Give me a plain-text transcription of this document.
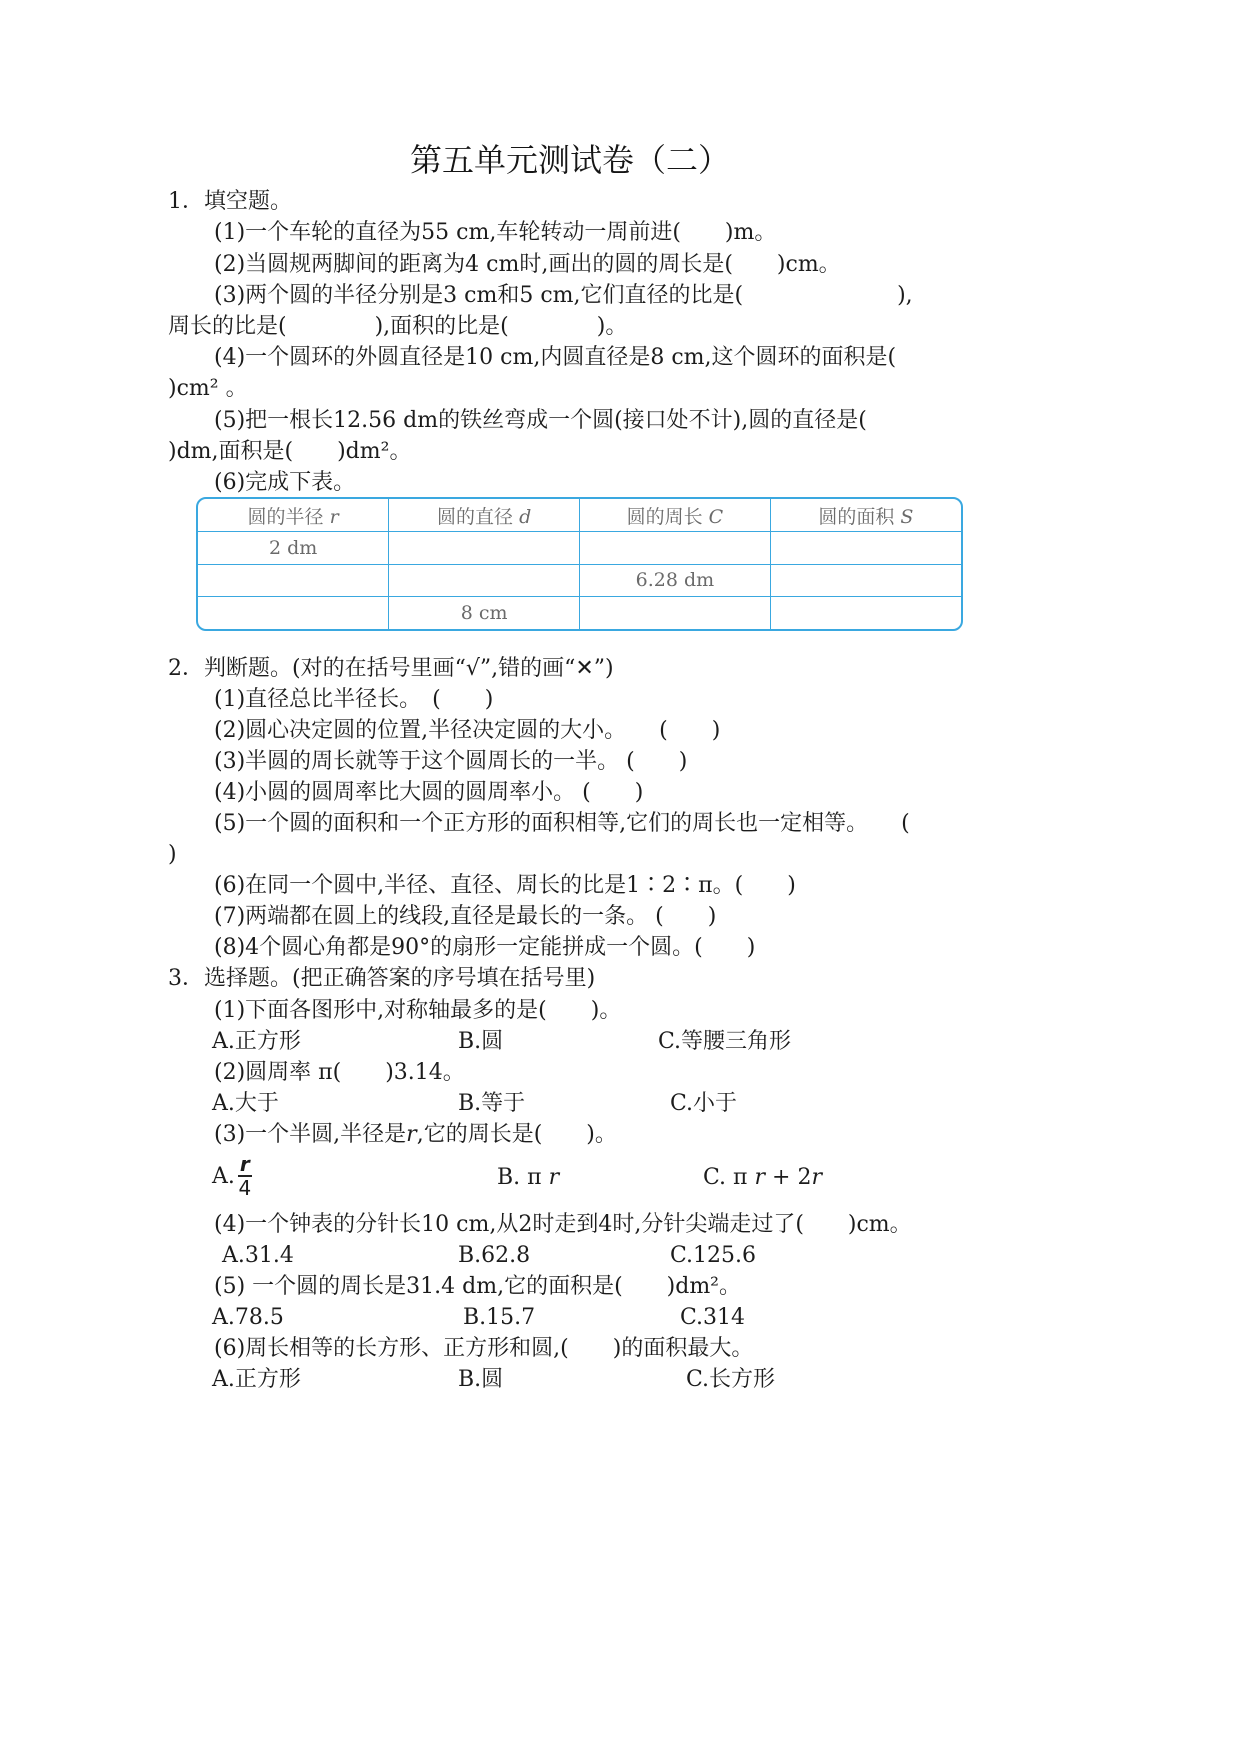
第五单元测试卷（二）
1．填空题。
(1)一个车轮的直径为55 cm,车轮转动一周前进(　　)m。
(2)当圆规两脚间的距离为4 cm时,画出的圆的周长是(　　)cm。
(3)两个圆的半径分别是3 cm和5 cm,它们直径的比是(　　　　　　　),
周长的比是(　　　　),面积的比是(　　　　)。
(4)一个圆环的外圆直径是10 cm,内圆直径是8 cm,这个圆环的面积是(
)cm² 。
(5)把一根长12.56 dm的铁丝弯成一个圆(接口处不计),圆的直径是(
)dm,面积是(　　)dm²。
(6)完成下表。
圆的半径 r	圆的直径 d	圆的周长 C	圆的面积 S
2 dm			
		6.28 dm	
	8 cm		
2．判断题。(对的在括号里画“√”,错的画“✕”)
(1)直径总比半径长。　(　　)
(2)圆心决定圆的位置,半径决定圆的大小。　　(　　)
(3)半圆的周长就等于这个圆周长的一半。 (　　)
(4)小圆的圆周率比大圆的圆周率小。 (　　)
(5)一个圆的面积和一个正方形的面积相等,它们的周长也一定相等。　　(
)
(6)在同一个圆中,半径、直径、周长的比是1∶2∶π。(　　)
(7)两端都在圆上的线段,直径是最长的一条。 (　　)
(8)4个圆心角都是90°的扇形一定能拼成一个圆。(　　)
3．选择题。(把正确答案的序号填在括号里)
(1)下面各图形中,对称轴最多的是(　　)。
A.正方形	B.圆	C.等腰三角形
(2)圆周率 π(　　)3.14。
A.大于	B.等于	C.小于
(3)一个半圆,半径是r,它的周长是(　　)。
A. $\frac{r}{4}$	B. π r	C. π r + 2r
(4)一个钟表的分针长10 cm,从2时走到4时,分针尖端走过了(　　)cm。
A.31.4	B.62.8	C.125.6
(5) 一个圆的周长是31.4 dm,它的面积是(　　)dm²。
A.78.5	B.15.7	C.314
(6)周长相等的长方形、正方形和圆,(　　)的面积最大。
A.正方形	B.圆	C.长方形
